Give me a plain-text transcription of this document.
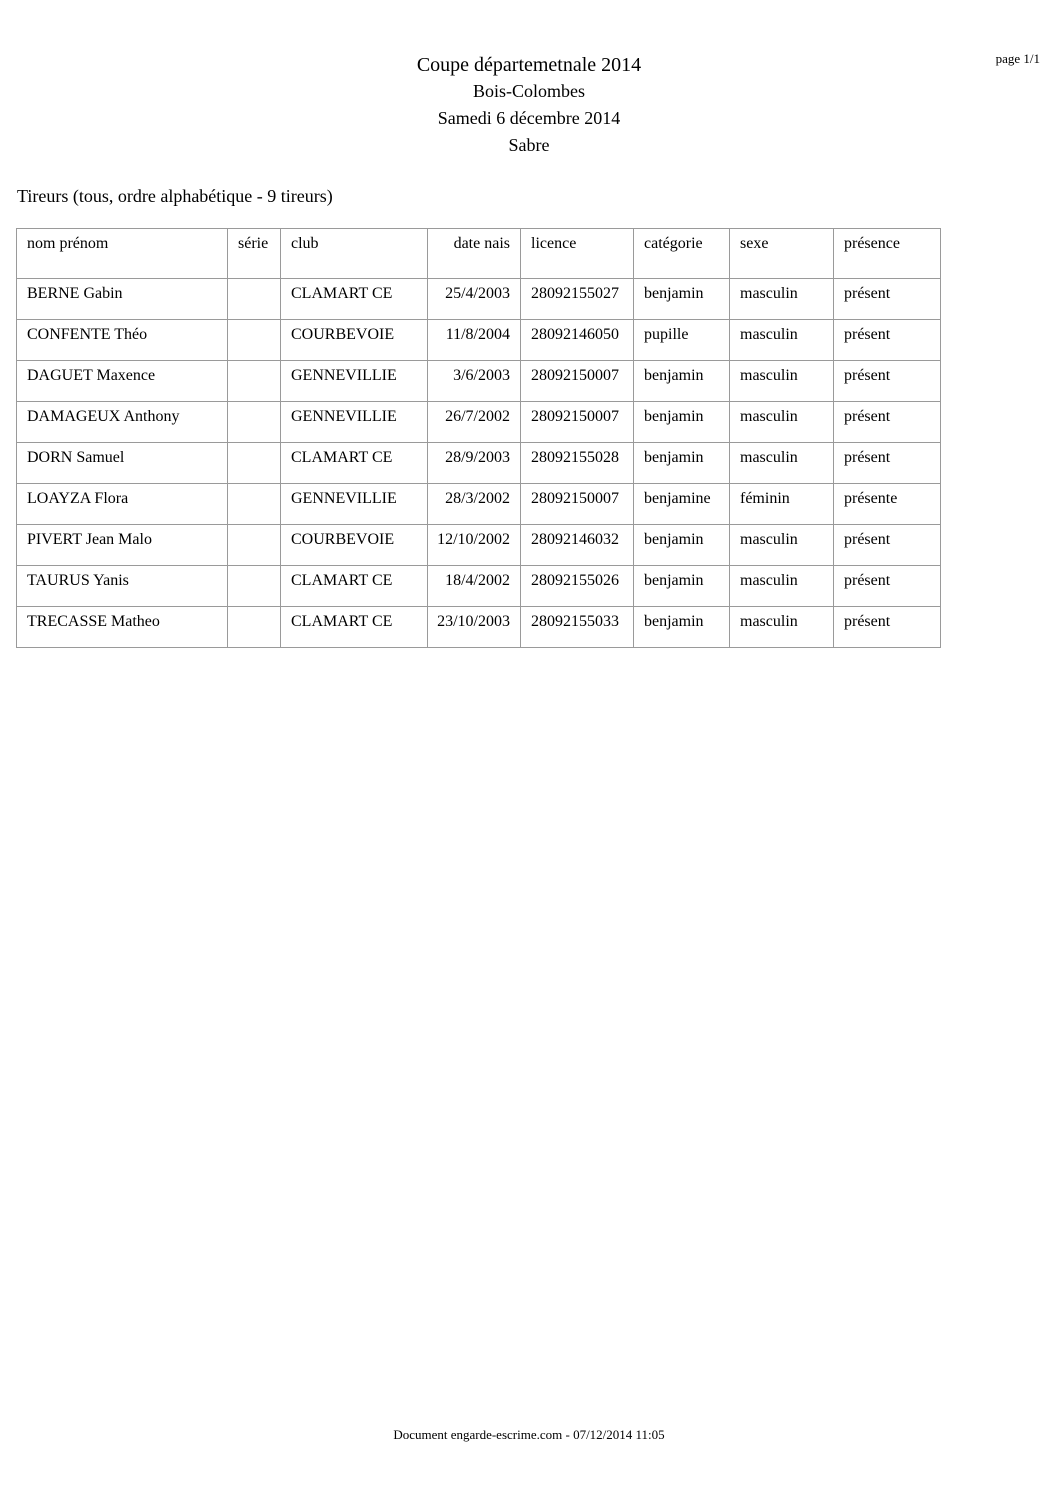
page 1/1
Coupe départemetnale 2014
Bois-Colombes
Samedi 6 décembre 2014
Sabre
Tireurs (tous, ordre alphabétique - 9 tireurs)
nom prénom	série	club	date nais	licence	catégorie	sexe	présence
BERNE Gabin		CLAMART CE	25/4/2003	28092155027	benjamin	masculin	présent
CONFENTE Théo		COURBEVOIE	11/8/2004	28092146050	pupille	masculin	présent
DAGUET Maxence		GENNEVILLIE	3/6/2003	28092150007	benjamin	masculin	présent
DAMAGEUX Anthony		GENNEVILLIE	26/7/2002	28092150007	benjamin	masculin	présent
DORN Samuel		CLAMART CE	28/9/2003	28092155028	benjamin	masculin	présent
LOAYZA Flora		GENNEVILLIE	28/3/2002	28092150007	benjamine	féminin	présente
PIVERT Jean Malo		COURBEVOIE	12/10/2002	28092146032	benjamin	masculin	présent
TAURUS Yanis		CLAMART CE	18/4/2002	28092155026	benjamin	masculin	présent
TRECASSE Matheo		CLAMART CE	23/10/2003	28092155033	benjamin	masculin	présent
Document engarde-escrime.com - 07/12/2014 11:05
